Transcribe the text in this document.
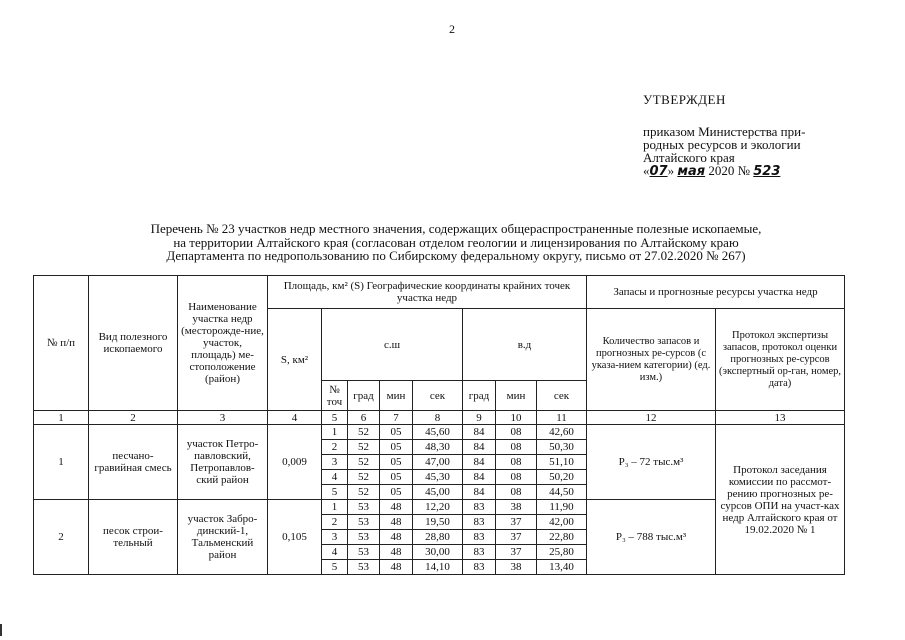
2
УТВЕРЖДЕН
приказом Министерства при-
родных ресурсов и экологии
Алтайского края
«07» мая 2020 № 523
Перечень № 23 участков недр местного значения, содержащих общераспространенные полезные ископаемые,
на территории Алтайского края (согласован отделом геологии и лицензирования по Алтайскому краю
Департамента по недропользованию по Сибирскому федеральному округу, письмо от 27.02.2020 № 267)
№ п/п	Вид полезного ископаемого	Наименование участка недр (месторожде-ние, участок, площадь) ме-стоположение (район)	Площадь, км² (S) Географические координаты крайних точек участка недр								Запасы и прогнозные ресурсы участка недр	
			S, км²	с.ш				в.д			Количество запасов и прогнозных ре-сурсов (с указа-нием категории) (ед. изм.)	Протокол экспертизы запасов, протокол оценки прогнозных ре-сурсов (экспертный ор-ган, номер, дата)
				№ точ	град	мин	сек	град	мин	сек		
1	2	3	4	5	6	7	8	9	10	11	12	13
1	песчано-гравийная смесь	участок Петро-павловский, Петропавлов-ский район	0,009	1	52	05	45,60	84	08	42,60	Р₃ – 72 тыс.м³	Протокол заседания комиссии по рассмот-рению прогнозных ре-сурсов ОПИ на участ-ках недр Алтайского края от 19.02.2020 № 1
				2	52	05	48,30	84	08	50,30		
				3	52	05	47,00	84	08	51,10		
				4	52	05	45,30	84	08	50,20		
				5	52	05	45,00	84	08	44,50		
2	песок строи-тельный	участок Забро-динский-1, Тальменский район	0,105	1	53	48	12,20	83	38	11,90	Р₃ – 788 тыс.м³	
				2	53	48	19,50	83	37	42,00		
				3	53	48	28,80	83	37	22,80		
				4	53	48	30,00	83	37	25,80		
				5	53	48	14,10	83	38	13,40		
